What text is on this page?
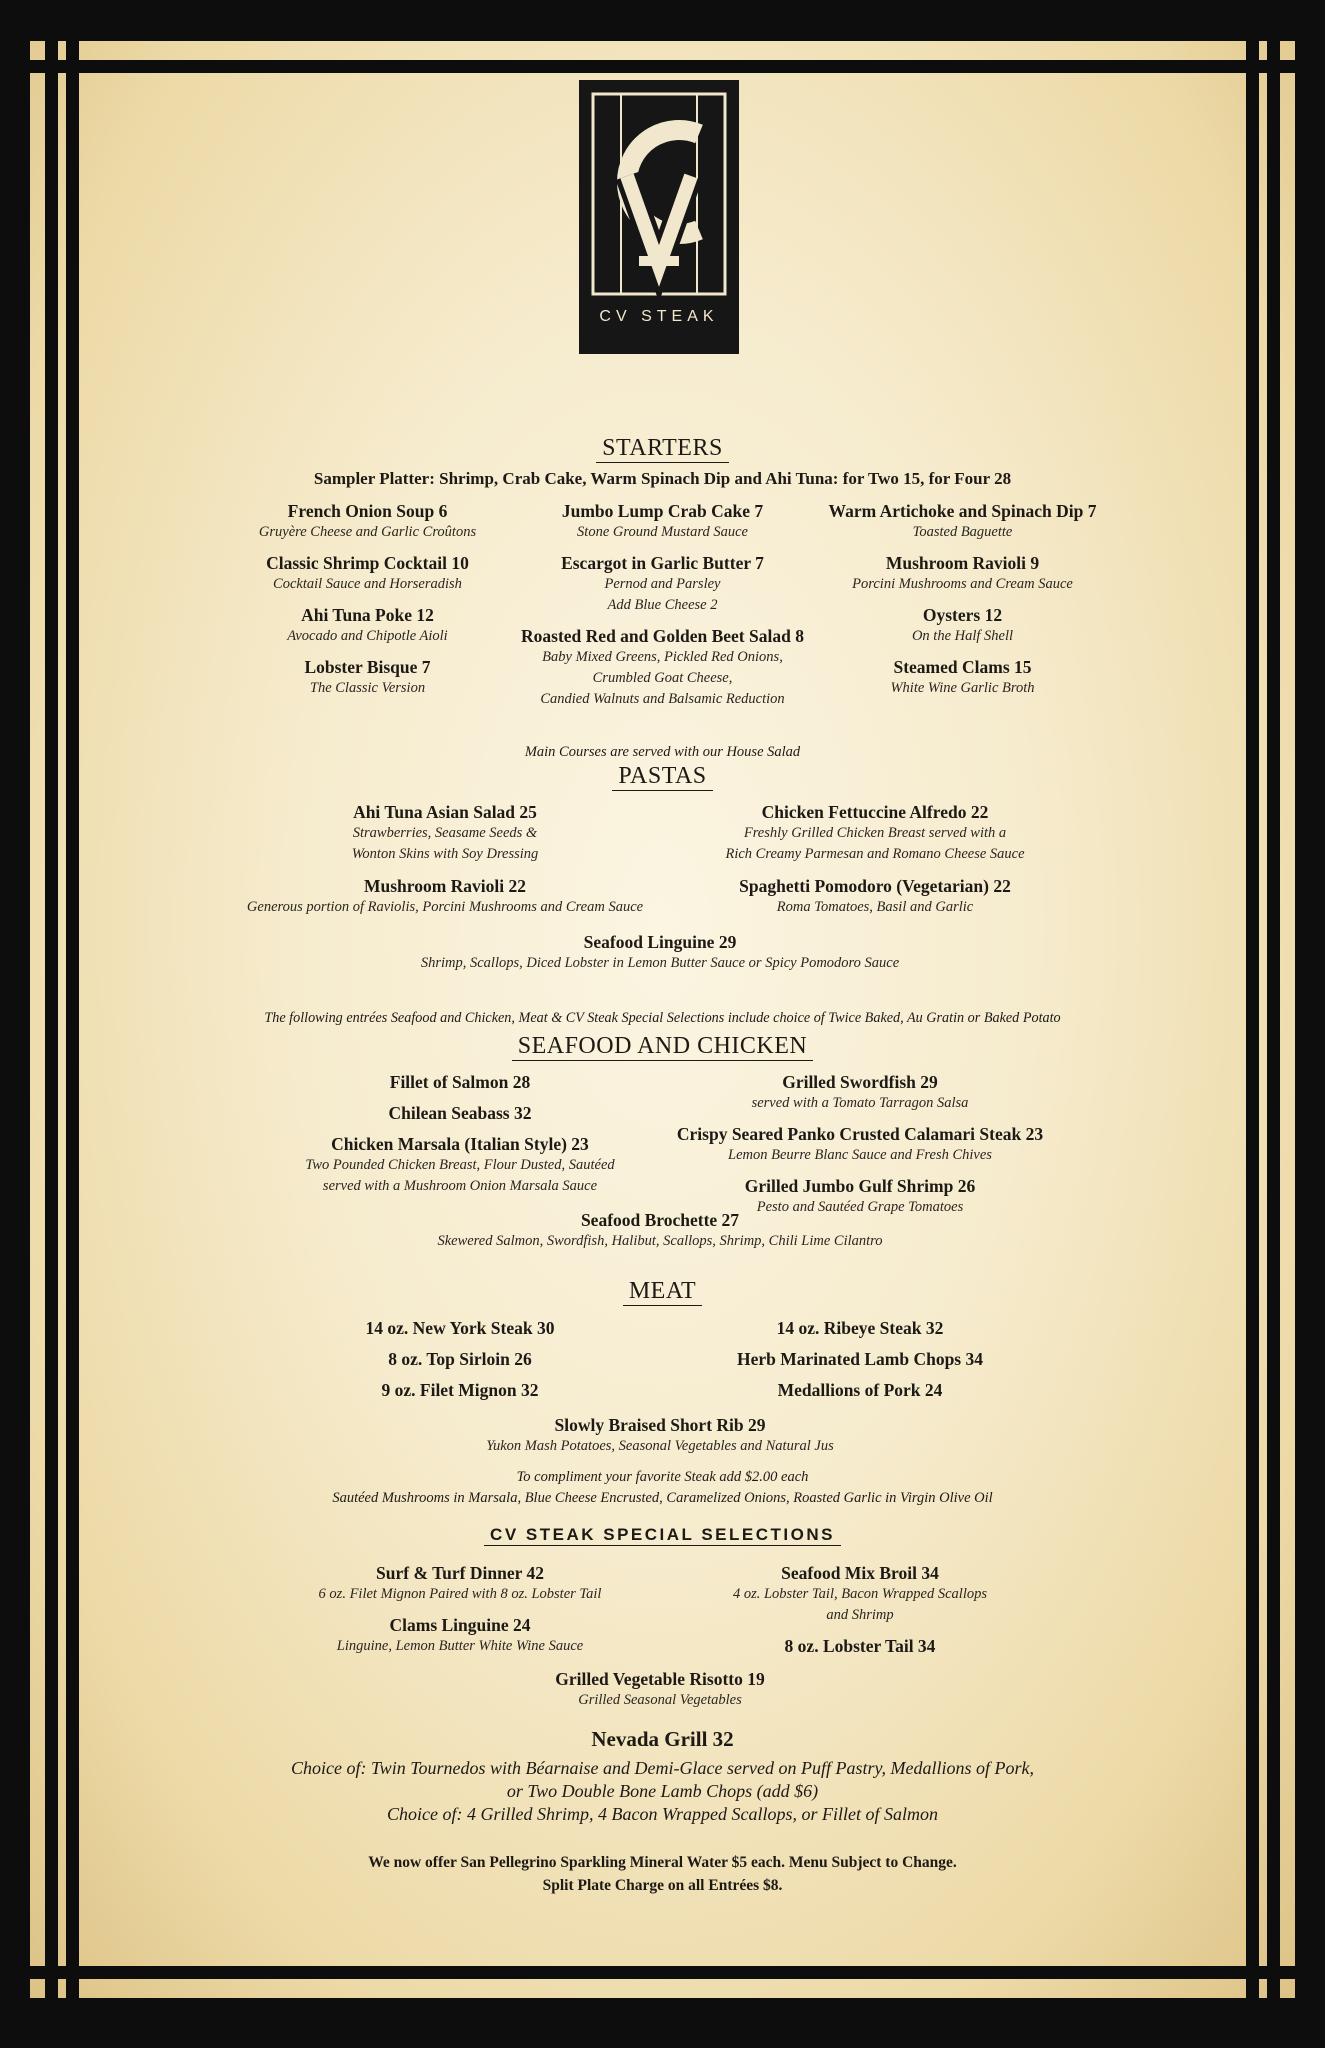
CV STEAK
STARTERS
Sampler Platter: Shrimp, Crab Cake, Warm Spinach Dip and Ahi Tuna: for Two 15, for Four 28
French Onion Soup 6
Gruyère Cheese and Garlic Croûtons
Classic Shrimp Cocktail 10
Cocktail Sauce and Horseradish
Ahi Tuna Poke 12
Avocado and Chipotle Aioli
Lobster Bisque 7
The Classic Version
Jumbo Lump Crab Cake 7
Stone Ground Mustard Sauce
Escargot in Garlic Butter 7
Pernod and Parsley
Add Blue Cheese 2
Roasted Red and Golden Beet Salad 8
Baby Mixed Greens, Pickled Red Onions,
Crumbled Goat Cheese,
Candied Walnuts and Balsamic Reduction
Warm Artichoke and Spinach Dip 7
Toasted Baguette
Mushroom Ravioli 9
Porcini Mushrooms and Cream Sauce
Oysters 12
On the Half Shell
Steamed Clams 15
White Wine Garlic Broth
Main Courses are served with our House Salad
PASTAS
Ahi Tuna Asian Salad 25
Strawberries, Seasame Seeds &
Wonton Skins with Soy Dressing
Mushroom Ravioli 22
Generous portion of Raviolis, Porcini Mushrooms and Cream Sauce
Chicken Fettuccine Alfredo 22
Freshly Grilled Chicken Breast served with a
Rich Creamy Parmesan and Romano Cheese Sauce
Spaghetti Pomodoro (Vegetarian) 22
Roma Tomatoes, Basil and Garlic
Seafood Linguine 29
Shrimp, Scallops, Diced Lobster in Lemon Butter Sauce or Spicy Pomodoro Sauce
The following entrées Seafood and Chicken, Meat & CV Steak Special Selections include choice of Twice Baked, Au Gratin or Baked Potato
SEAFOOD AND CHICKEN
Fillet of Salmon 28
Chilean Seabass 32
Chicken Marsala (Italian Style) 23
Two Pounded Chicken Breast, Flour Dusted, Sautéed
served with a Mushroom Onion Marsala Sauce
Grilled Swordfish 29
served with a Tomato Tarragon Salsa
Crispy Seared Panko Crusted Calamari Steak 23
Lemon Beurre Blanc Sauce and Fresh Chives
Grilled Jumbo Gulf Shrimp 26
Pesto and Sautéed Grape Tomatoes
Seafood Brochette 27
Skewered Salmon, Swordfish, Halibut, Scallops, Shrimp, Chili Lime Cilantro
MEAT
14 oz. New York Steak 30
8 oz. Top Sirloin 26
9 oz. Filet Mignon 32
14 oz. Ribeye Steak 32
Herb Marinated Lamb Chops 34
Medallions of Pork 24
Slowly Braised Short Rib 29
Yukon Mash Potatoes, Seasonal Vegetables and Natural Jus
To compliment your favorite Steak add $2.00 each
Sautéed Mushrooms in Marsala, Blue Cheese Encrusted, Caramelized Onions, Roasted Garlic in Virgin Olive Oil
CV STEAK SPECIAL SELECTIONS
Surf & Turf Dinner 42
6 oz. Filet Mignon Paired with 8 oz. Lobster Tail
Clams Linguine 24
Linguine, Lemon Butter White Wine Sauce
Seafood Mix Broil 34
4 oz. Lobster Tail, Bacon Wrapped Scallops
and Shrimp
8 oz. Lobster Tail 34
Grilled Vegetable Risotto 19
Grilled Seasonal Vegetables
Nevada Grill 32
Choice of: Twin Tournedos with Béarnaise and Demi-Glace served on Puff Pastry, Medallions of Pork,
or Two Double Bone Lamb Chops (add $6)
Choice of: 4 Grilled Shrimp, 4 Bacon Wrapped Scallops, or Fillet of Salmon
We now offer San Pellegrino Sparkling Mineral Water $5 each. Menu Subject to Change.
Split Plate Charge on all Entrées $8.
